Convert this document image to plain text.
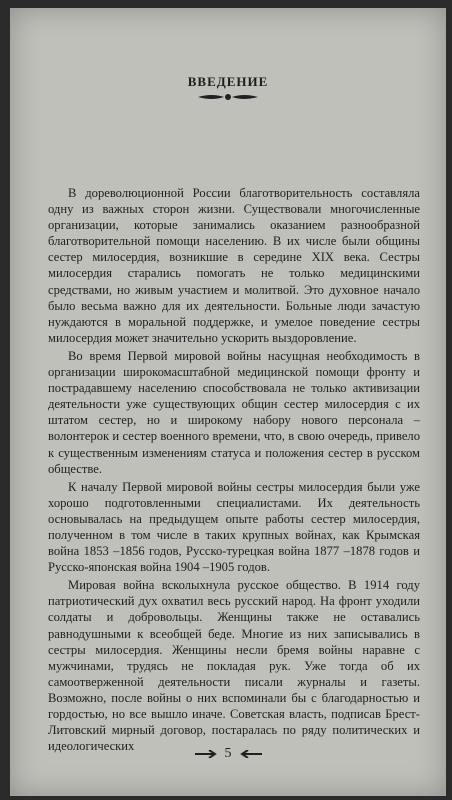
ВВЕДЕНИЕ

В дореволюционной России благотворительность составляла одну из важных сторон жизни. Существовали многочисленные организации, которые занимались оказанием разнообразной благотворительной помощи населению. В их числе были общины сестер милосердия, возникшие в середине XIX века. Сестры милосердия старались помогать не только медицинскими средствами, но живым участием и молитвой. Это духовное начало было весьма важно для их деятельности. Больные люди зачастую нуждаются в моральной поддержке, и умелое поведение сестры милосердия может значительно ускорить выздоровление.

Во время Первой мировой войны насущная необходимость в организации широкомасштабной медицинской помощи фронту и пострадавшему населению способствовала не только активизации деятельности уже существующих общин сестер милосердия с их штатом сестер, но и широкому набору нового персонала – волонтерок и сестер военного времени, что, в свою очередь, привело к существенным изменениям статуса и положения сестер в русском обществе.

К началу Первой мировой войны сестры милосердия были уже хорошо подготовленными специалистами. Их деятельность основывалась на предыдущем опыте работы сестер милосердия, полученном в том числе в таких крупных войнах, как Крымская война 1853 –1856 годов, Русско-турецкая война 1877 –1878 годов и Русско-японская война 1904 –1905 годов.

Мировая война всколыхнула русское общество. В 1914 году патриотический дух охватил весь русский народ. На фронт уходили солдаты и добровольцы. Женщины также не оставались равнодушными к всеобщей беде. Многие из них записывались в сестры милосердия. Женщины несли бремя войны наравне с мужчинами, трудясь не покладая рук. Уже тогда об их самоотверженной деятельности писали журналы и газеты. Возможно, после войны о них вспоминали бы с благодарностью и гордостью, но все вышло иначе. Советская власть, подписав Брест-Литовский мирный договор, постаралась по ряду политических и идеологических	5
